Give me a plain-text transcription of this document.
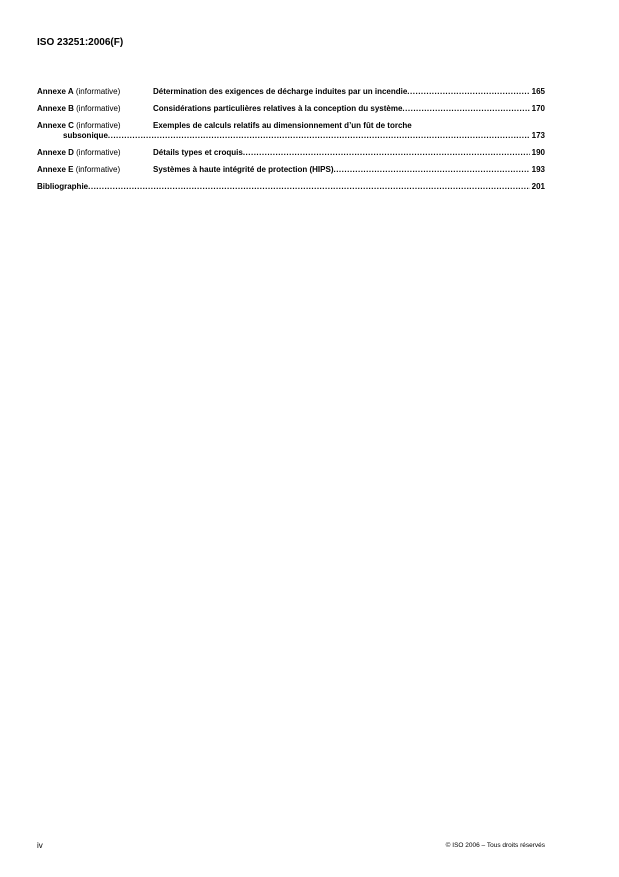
ISO 23251:2006(F)
Annexe A (informative)	Détermination des exigences de décharge induites par un incendie .....	165
Annexe B (informative)	Considérations particulières relatives à la conception du système .....	170
Annexe C (informative)	Exemples de calculs relatifs au dimensionnement d’un fût de torche
subsonique .....	173
Annexe D (informative)	Détails types et croquis .....	190
Annexe E (informative)	Systèmes à haute intégrité de protection (HIPS) .....	193
Bibliographie .....	201
iv	© ISO 2006 – Tous droits réservés
